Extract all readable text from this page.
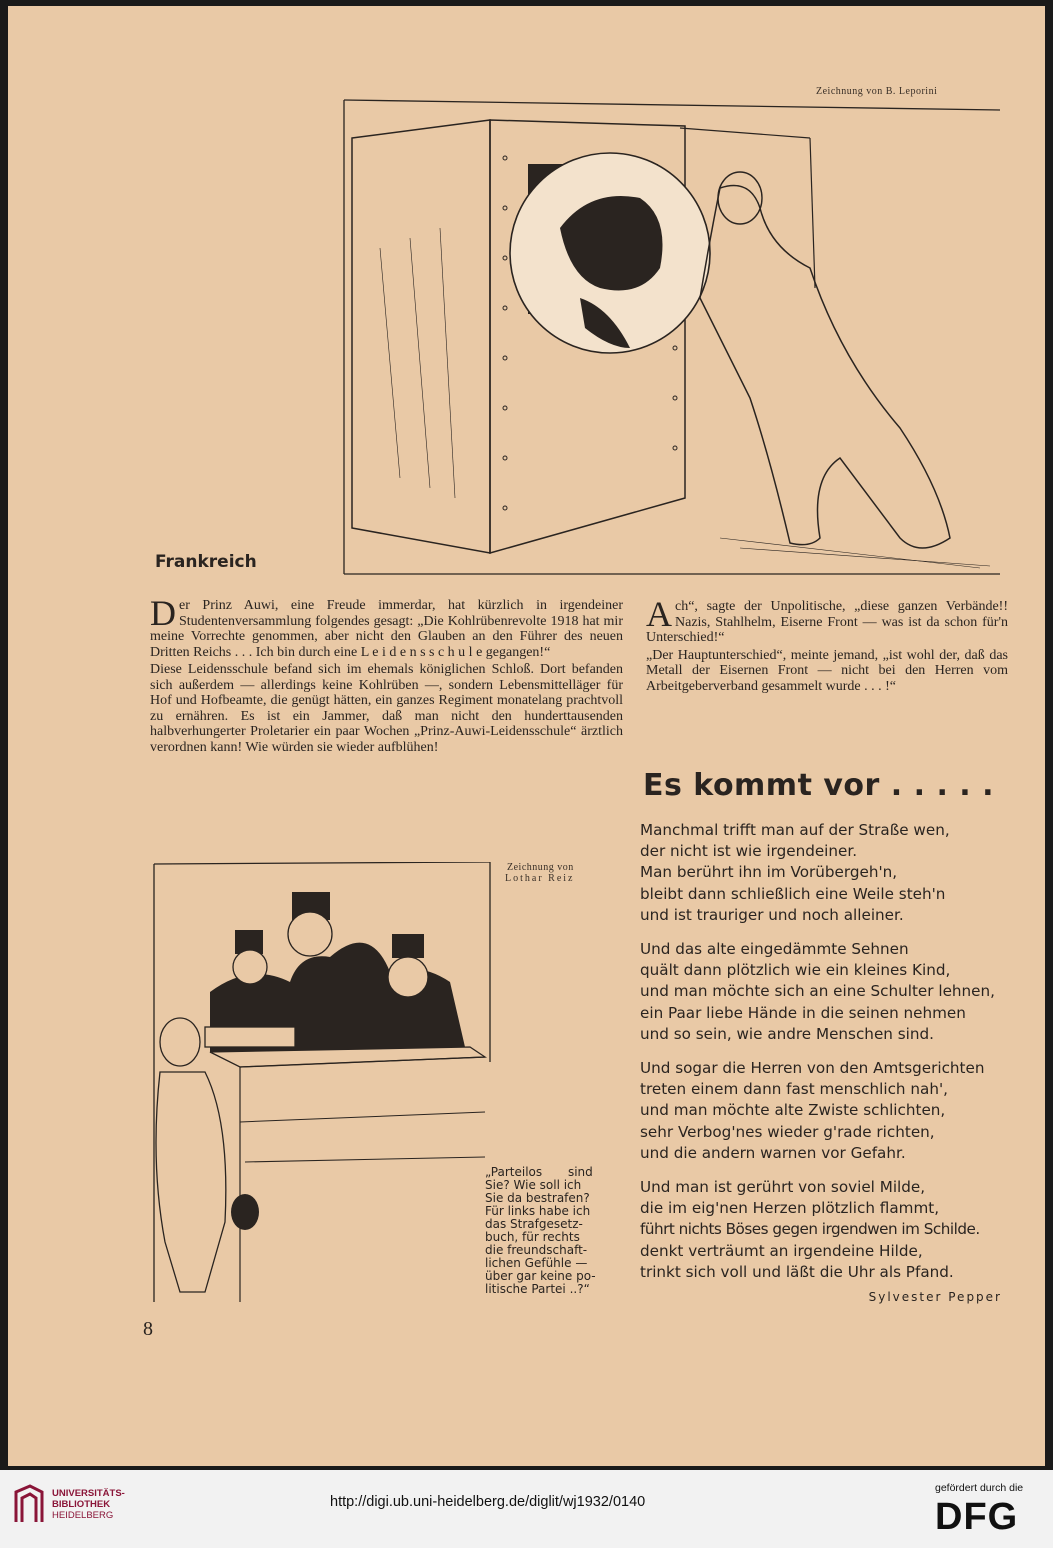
Zeichnung von B. Leporini
Frankreich
D er Prinz Auwi, eine Freude immerdar, hat kürzlich in irgendeiner Studentenversammlung folgendes gesagt: „Die Kohlrübenrevolte 1918 hat mir meine Vorrechte genommen, aber nicht den Glauben an den Führer des neuen Dritten Reichs . . . Ich bin durch eine L e i d e n s s c h u l e gegangen!“
Diese Leidensschule befand sich im ehemals königlichen Schloß. Dort befanden sich außerdem — allerdings keine Kohlrüben —, sondern Lebensmittelläger für Hof und Hofbeamte, die genügt hätten, ein ganzes Regiment monatelang prachtvoll zu ernähren. Es ist ein Jammer, daß man nicht den hunderttausenden halbverhungerter Proletarier ein paar Wochen „Prinz-Auwi-Leidensschule“ ärztlich verordnen kann! Wie würden sie wieder aufblühen!
A ch“, sagte der Unpolitische, „diese ganzen Verbände!! Nazis, Stahlhelm, Eiserne Front — was ist da schon für'n Unterschied!“
„Der Hauptunterschied“, meinte jemand, „ist wohl der, daß das Metall der Eisernen Front — nicht bei den Herren vom Arbeitgeberverband gesammelt wurde . . . !“
Es kommt vor . . . . .
Manchmal trifft man auf der Straße wen,
der nicht ist wie irgendeiner.
Man berührt ihn im Vorübergeh'n,
bleibt dann schließlich eine Weile steh'n
und ist trauriger und noch alleiner.
Und das alte eingedämmte Sehnen
quält dann plötzlich wie ein kleines Kind,
und man möchte sich an eine Schulter lehnen,
ein Paar liebe Hände in die seinen nehmen
und so sein, wie andre Menschen sind.
Und sogar die Herren von den Amtsgerichten
treten einem dann fast menschlich nah',
und man möchte alte Zwiste schlichten,
sehr Verbog'nes wieder g'rade richten,
und die andern warnen vor Gefahr.
Und man ist gerührt von soviel Milde,
die im eig'nen Herzen plötzlich flammt,
führt nichts Böses gegen irgendwen im Schilde.
denkt verträumt an irgendeine Hilde,
trinkt sich voll und läßt die Uhr als Pfand.
Sylvester Pepper
Zeichnung von
Lothar Reiz
„Parteilos sind
Sie? Wie soll ich
Sie da bestrafen?
Für links habe ich
das Strafgesetz-
buch, für rechts
die freundschaft-
lichen Gefühle —
über gar keine po-
litische Partei ..?“
8
UNIVERSITÄTS-
BIBLIOTHEK
HEIDELBERG
http://digi.ub.uni-heidelberg.de/diglit/wj1932/0140
gefördert durch die
DFG
